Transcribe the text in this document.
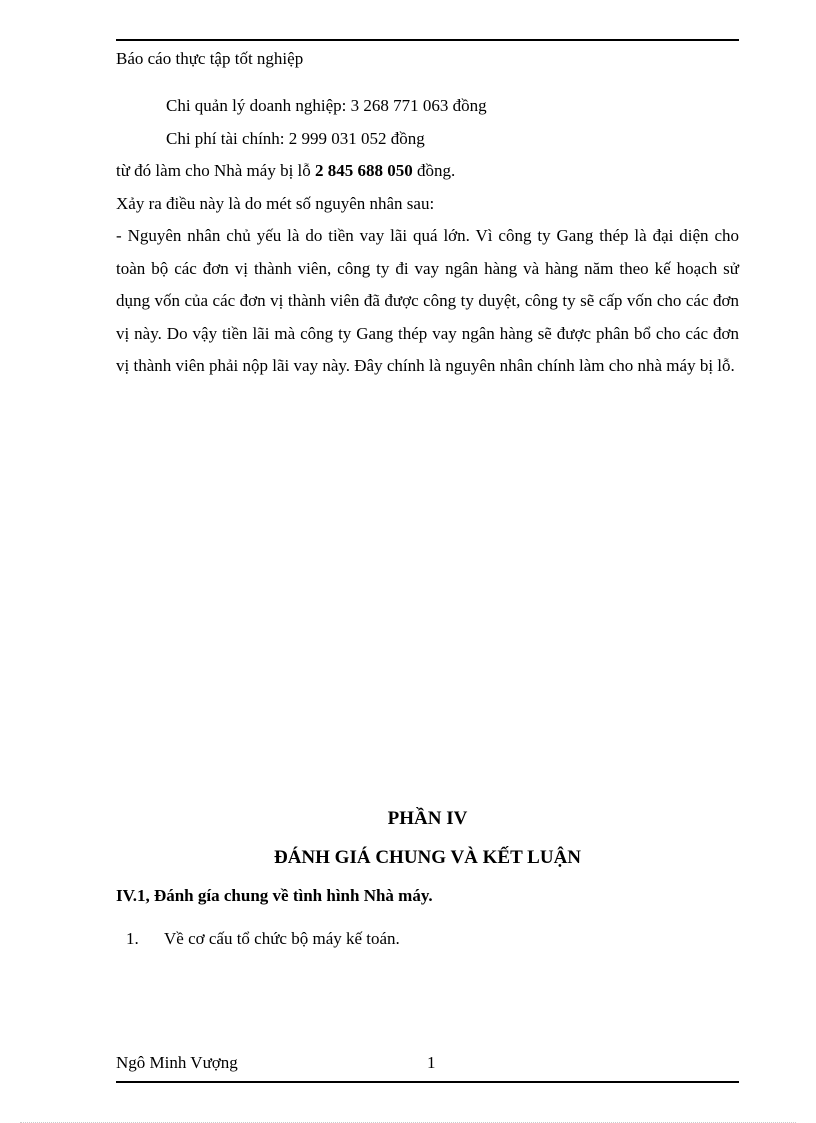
Báo cáo thực tập tốt nghiệp

Chi quản lý doanh nghiệp: 3 268 771 063 đồng

Chi phí tài chính: 2 999 031 052 đồng

từ đó làm cho Nhà máy bị lỗ 2 845 688 050 đồng.

Xảy ra điều này là do mét số nguyên nhân sau:

- Nguyên nhân chủ yếu là do tiền vay lãi quá lớn. Vì công ty Gang thép là đại diện cho toàn bộ các đơn vị thành viên, công ty đi vay ngân hàng và hàng năm theo kế hoạch sử dụng vốn của các đơn vị thành viên đã được công ty duyệt, công ty sẽ cấp vốn cho các đơn vị này. Do vậy tiền lãi mà công ty Gang thép vay ngân hàng sẽ được phân bổ cho các đơn vị thành viên phải nộp lãi vay này. Đây chính là nguyên nhân chính làm cho nhà máy bị lỗ.

PHẦN IV
ĐÁNH GIÁ CHUNG VÀ KẾT LUẬN
IV.1, Đánh gía chung về tình hình Nhà máy.
1. Về cơ cấu tổ chức bộ máy kế toán.
Ngô Minh Vượng	1
